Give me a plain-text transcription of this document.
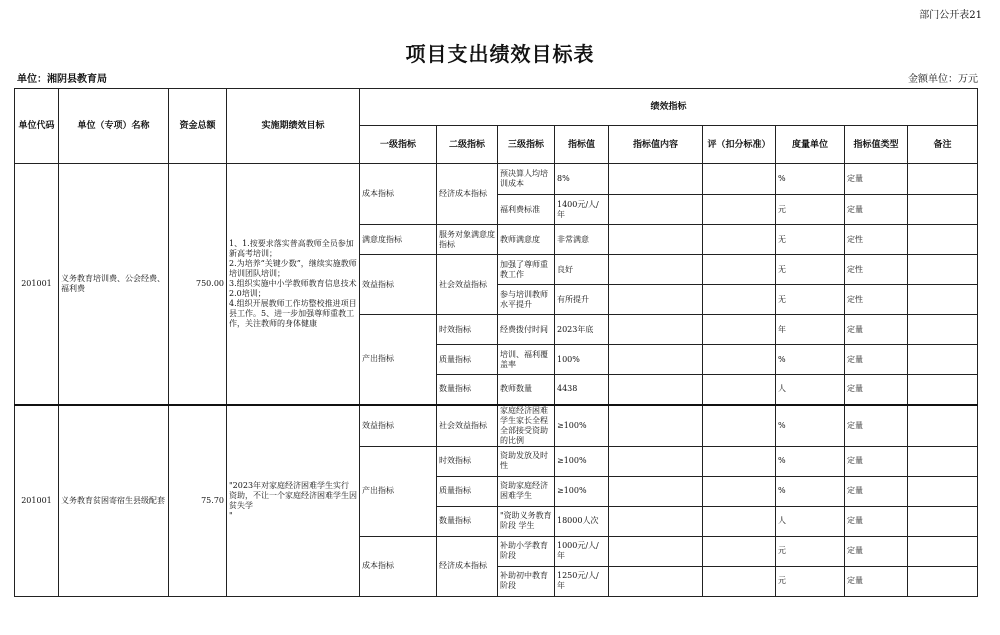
部门公开表21
项目支出绩效目标表
单位：湘阴县教育局	金额单位：万元
单位代码	单位（专项）名称	资金总额	实施期绩效目标	绩效指标								
				一级指标	二级指标	三级指标	指标值	指标值内容	评（扣分标准）	度量单位	指标值类型	备注
201001	义务教育培训费、公会经费、福利费	750.00	1、1.按要求落实普高教师全员参加新高考培训；
2.为培养“关键少数”，继续实施教师培训团队培训；
3.组织实施中小学教师教育信息技术2.0培训；
4.组织开展教师工作坊整校推进项目县工作。5、进一步加强尊师重教工作，关注教师的身体健康	成本指标	经济成本指标	预决算人均培训成本	8%			%	定量	
						福利费标准	1400元/人/年			元	定量	
				满意度指标	服务对象满意度指标	教师满意度	非常满意			无	定性	
				效益指标	社会效益指标	加强了尊师重教工作	良好			无	定性	
						参与培训教师水平提升	有所提升			无	定性	
				产出指标	时效指标	经费拨付时间	2023年底			年	定量	
					质量指标	培训、福利覆盖率	100%			%	定量	
					数量指标	教师数量	4438			人	定量	
201001	义务教育贫困寄宿生县级配套	75.70	"2023年对家庭经济困难学生实行资助，不让一个家庭经济困难学生因贫失学
"	效益指标	社会效益指标	家庭经济困难学生家长全程全部接受资助的比例	≥100%			%	定量	
				产出指标	时效指标	资助发放及时性	≥100%			%	定量	
					质量指标	资助家庭经济困难学生	≥100%			%	定量	
					数量指标	"资助义务教育阶段 学生	18000人次			人	定量	
				成本指标	经济成本指标	补助小学教育阶段	1000元/人/年			元	定量	
						补助初中教育阶段	1250元/人/年			元	定量	
